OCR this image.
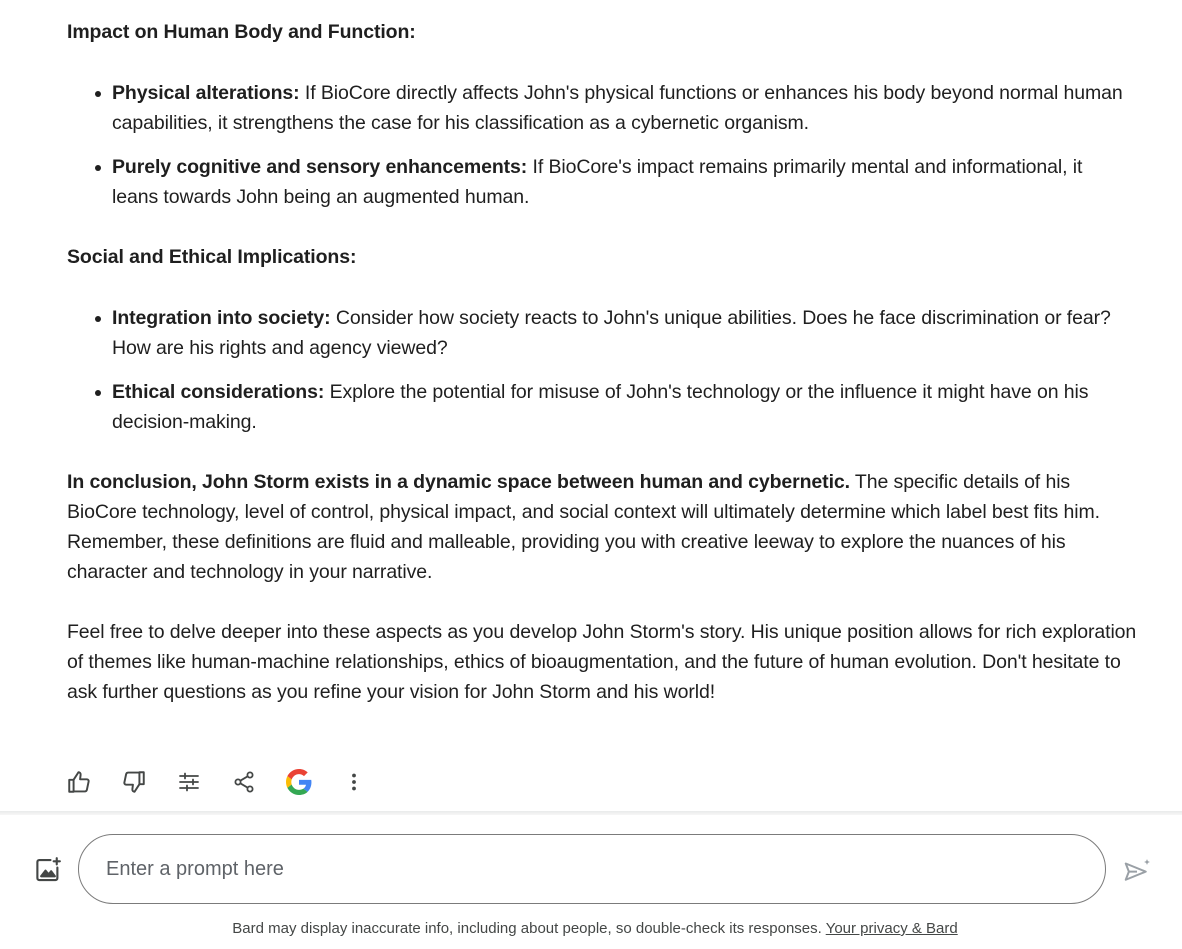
Impact on Human Body and Function:

Physical alterations: If BioCore directly affects John's physical functions or enhances his body beyond normal human capabilities, it strengthens the case for his classification as a cybernetic organism.
Purely cognitive and sensory enhancements: If BioCore's impact remains primarily mental and informational, it leans towards John being an augmented human.

Social and Ethical Implications:

Integration into society: Consider how society reacts to John's unique abilities. Does he face discrimination or fear? How are his rights and agency viewed?
Ethical considerations: Explore the potential for misuse of John's technology or the influence it might have on his decision-making.

In conclusion, John Storm exists in a dynamic space between human and cybernetic. The specific details of his BioCore technology, level of control, physical impact, and social context will ultimately determine which label best fits him. Remember, these definitions are fluid and malleable, providing you with creative leeway to explore the nuances of his character and technology in your narrative.

Feel free to delve deeper into these aspects as you develop John Storm's story. His unique position allows for rich exploration of themes like human-machine relationships, ethics of bioaugmentation, and the future of human evolution. Don't hesitate to ask further questions as you refine your vision for John Storm and his world!

Enter a prompt here
Bard may display inaccurate info, including about people, so double-check its responses. Your privacy & Bard
